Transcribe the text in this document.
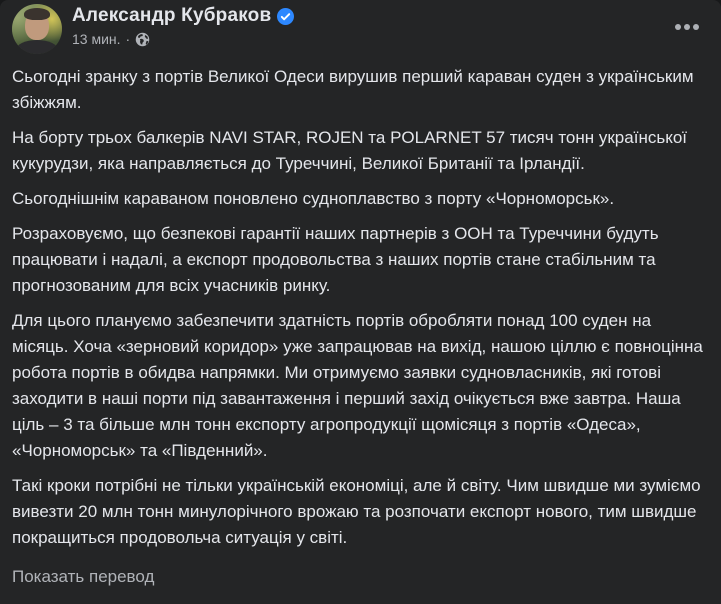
Александр Кубраков
13 мин. ·

Сьогодні зранку з портів Великої Одеси вирушив перший караван суден з українським збіжжям.

На борту трьох балкерів NAVI STAR, ROJEN та POLARNET 57 тисяч тонн української кукурудзи, яка направляється до Туреччині, Великої Британії та Ірландії.

Сьогоднішнім караваном поновлено судноплавство з порту «Чорноморськ».

Розраховуємо, що безпекові гарантії наших партнерів з ООН та Туреччини будуть працювати і надалі, а експорт продовольства з наших портів стане стабільним та прогнозованим для всіх учасників ринку.

Для цього плануємо забезпечити здатність портів обробляти понад 100 суден на місяць. Хоча «зерновий коридор» уже запрацював на вихід, нашою ціллю є повноцінна робота портів в обидва напрямки. Ми отримуємо заявки судновласників, які готові заходити в наші порти під завантаження і перший захід очікується вже завтра. Наша ціль – 3 та більше млн тонн експорту агропродукції щомісяця з портів «Одеса», «Чорноморськ» та «Південний».

Такі кроки потрібні не тільки українській економіці, але й світу. Чим швидше ми зуміємо вивезти 20 млн тонн минулорічного врожаю та розпочати експорт нового, тим швидше покращиться продовольча ситуація у світі.

Показать перевод
